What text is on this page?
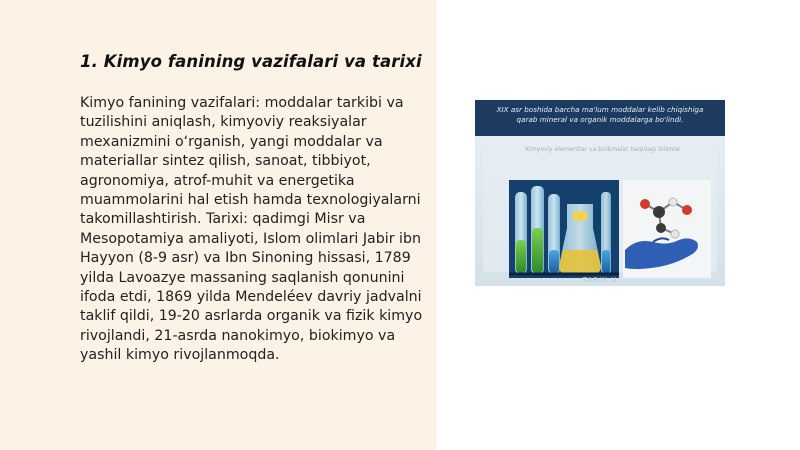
1. Kimyo fanining vazifalari va tarixi

Kimyo fanining vazifalari: moddalar tarkibi va tuzilishini aniqlash, kimyoviy reaksiyalar mexanizmini oʻrganish, yangi moddalar va materiallar sintez qilish, sanoat, tibbiyot, agronomiya, atrof-muhit va energetika muammolarini hal etish hamda texnologiyalarni takomillashtirish. Tarixi: qadimgi Misr va Mesopotamiya amaliyoti, Islom olimlari Jabir ibn Hayyon (8-9 asr) va Ibn Sinoning hissasi, 1789 yilda Lavoazye massaning saqlanish qonunini ifoda etdi, 1869 yilda Mendeléev davriy jadvalni taklif qildi, 19-20 asrlarda organik va fizik kimyo rivojlandi, 21-asrda nanokimyo, biokimyo va yashil kimyo rivojlanmoqda.

XIX asr boshida barcha ma'lum moddalar kelib chiqishiga
qarab mineral va organik moddalarga bo'lindi.
Kimyoviy elementlar va birikmalar haqidagi bilimlar
TARIX U
